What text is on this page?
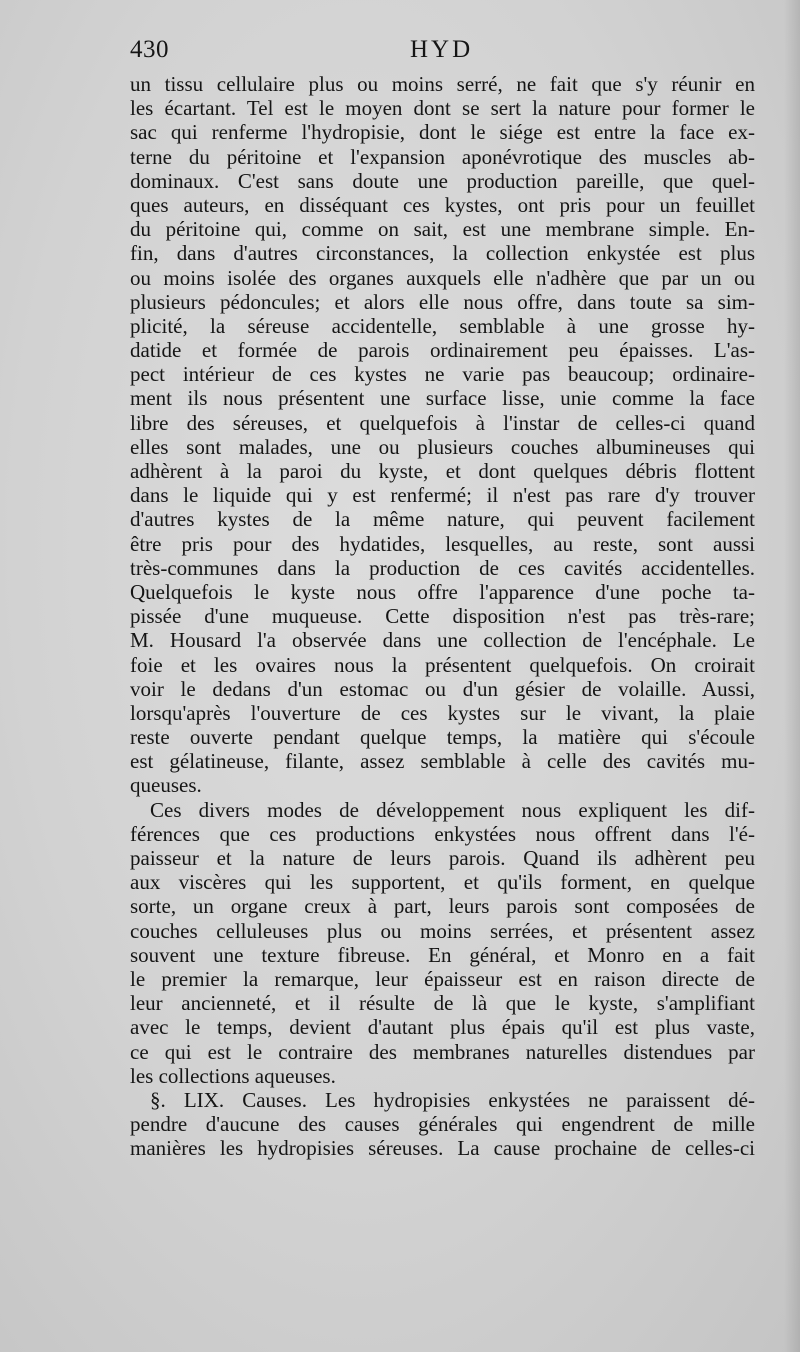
430	HYD
un tissu cellulaire plus ou moins serré, ne fait que s'y réunir en
les écartant. Tel est le moyen dont se sert la nature pour former le
sac qui renferme l'hydropisie, dont le siége est entre la face ex-
terne du péritoine et l'expansion aponévrotique des muscles ab-
dominaux. C'est sans doute une production pareille, que quel-
ques auteurs, en disséquant ces kystes, ont pris pour un feuillet
du péritoine qui, comme on sait, est une membrane simple. En-
fin, dans d'autres circonstances, la collection enkystée est plus
ou moins isolée des organes auxquels elle n'adhère que par un ou
plusieurs pédoncules; et alors elle nous offre, dans toute sa sim-
plicité, la séreuse accidentelle, semblable à une grosse hy-
datide et formée de parois ordinairement peu épaisses. L'as-
pect intérieur de ces kystes ne varie pas beaucoup; ordinaire-
ment ils nous présentent une surface lisse, unie comme la face
libre des séreuses, et quelquefois à l'instar de celles-ci quand
elles sont malades, une ou plusieurs couches albumineuses qui
adhèrent à la paroi du kyste, et dont quelques débris flottent
dans le liquide qui y est renfermé; il n'est pas rare d'y trouver
d'autres kystes de la même nature, qui peuvent facilement
être pris pour des hydatides, lesquelles, au reste, sont aussi
très-communes dans la production de ces cavités accidentelles.
Quelquefois le kyste nous offre l'apparence d'une poche ta-
pissée d'une muqueuse. Cette disposition n'est pas très-rare;
M. Housard l'a observée dans une collection de l'encéphale. Le
foie et les ovaires nous la présentent quelquefois. On croirait
voir le dedans d'un estomac ou d'un gésier de volaille. Aussi,
lorsqu'après l'ouverture de ces kystes sur le vivant, la plaie
reste ouverte pendant quelque temps, la matière qui s'écoule
est gélatineuse, filante, assez semblable à celle des cavités mu-
queuses.
Ces divers modes de développement nous expliquent les dif-
férences que ces productions enkystées nous offrent dans l'é-
paisseur et la nature de leurs parois. Quand ils adhèrent peu
aux viscères qui les supportent, et qu'ils forment, en quelque
sorte, un organe creux à part, leurs parois sont composées de
couches celluleuses plus ou moins serrées, et présentent assez
souvent une texture fibreuse. En général, et Monro en a fait
le premier la remarque, leur épaisseur est en raison directe de
leur ancienneté, et il résulte de là que le kyste, s'amplifiant
avec le temps, devient d'autant plus épais qu'il est plus vaste,
ce qui est le contraire des membranes naturelles distendues par
les collections aqueuses.
§. LIX. Causes. Les hydropisies enkystées ne paraissent dé-
pendre d'aucune des causes générales qui engendrent de mille
manières les hydropisies séreuses. La cause prochaine de celles-ci
